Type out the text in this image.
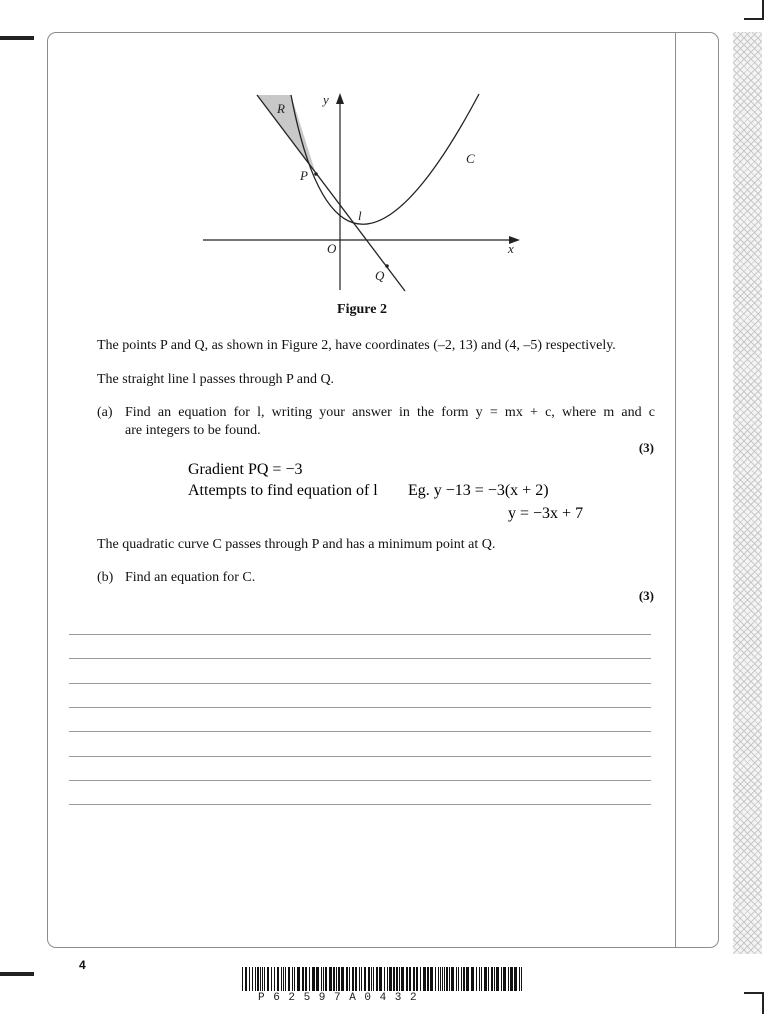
R
y
P
C
l
O	x
Q
Figure 2
The points P and Q, as shown in Figure 2, have coordinates (–2, 13) and (4, –5) respectively.
The straight line l passes through P and Q.
(a) Find an equation for l, writing your answer in the form y = mx + c, where m and c
are integers to be found.
(3)
Gradient PQ = −3
Attempts to find equation of l Eg. y −13 = −3(x + 2)
y = −3x + 7
The quadratic curve C passes through P and has a minimum point at Q.
(b) Find an equation for C.
(3)
4
P62597A0432
